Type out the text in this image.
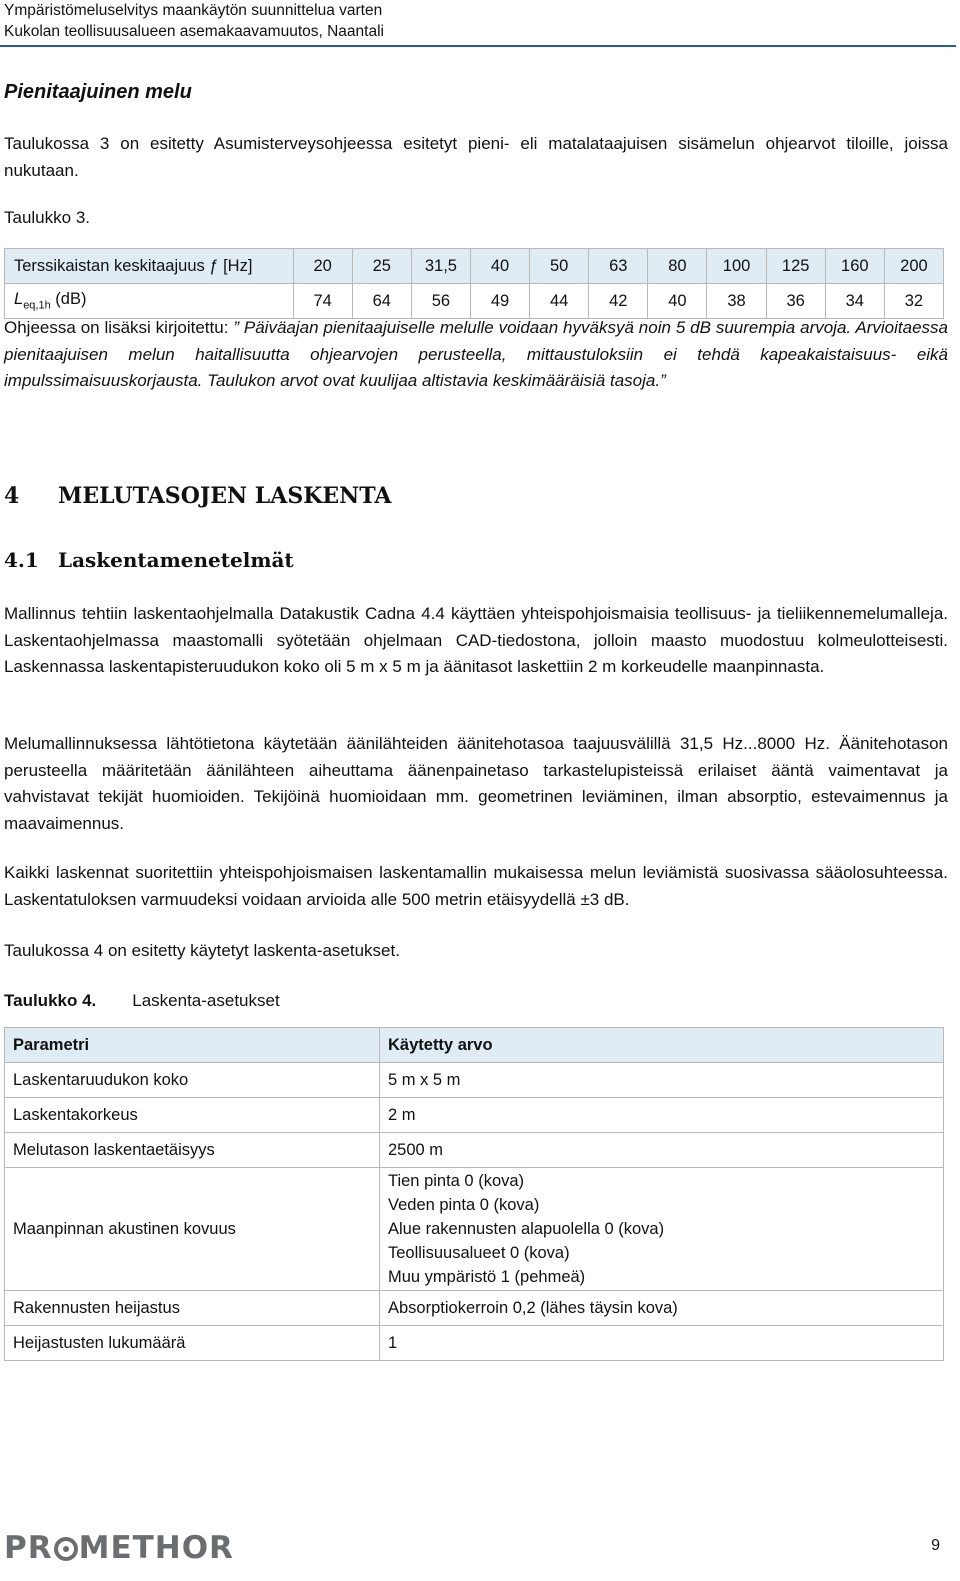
Ympäristömeluselvitys maankäytön suunnittelua varten
Kukolan teollisuusalueen asemakaavamuutos, Naantali
Pienitaajuinen melu
Taulukossa 3 on esitetty Asumisterveysohjeessa esitetyt pieni- eli matalataajuisen sisämelun ohjearvot tiloille, joissa nukutaan.
Taulukko 3.
Terssikaistan keskitaajuus ƒ [Hz]	20	25	31,5	40	50	63	80	100	125	160	200
$L_{eq,1h}$ (dB)	74	64	56	49	44	42	40	38	36	34	32
Ohjeessa on lisäksi kirjoitettu: ” Päiväajan pienitaajuiselle melulle voidaan hyväksyä noin 5 dB suurempia arvoja. Arvioitaessa pienitaajuisen melun haitallisuutta ohjearvojen perusteella, mittaustuloksiin ei tehdä kapeakaistaisuus- eikä impulssimaisuuskorjausta. Taulukon arvot ovat kuulijaa altistavia keskimääräisiä tasoja.”
4 MELUTASOJEN LASKENTA
4.1 Laskentamenetelmät
Mallinnus tehtiin laskentaohjelmalla Datakustik Cadna 4.4 käyttäen yhteispohjoismaisia teollisuus- ja tieliikennemelumalleja. Laskentaohjelmassa maastomalli syötetään ohjelmaan CAD-tiedostona, jolloin maasto muodostuu kolmeulotteisesti. Laskennassa laskentapisteruudukon koko oli 5 m x 5 m ja äänitasot laskettiin 2 m korkeudelle maanpinnasta.
Melumallinnuksessa lähtötietona käytetään äänilähteiden äänitehotasoa taajuusvälillä 31,5 Hz...8000 Hz. Äänitehotason perusteella määritetään äänilähteen aiheuttama äänenpainetaso tarkastelupisteissä erilaiset ääntä vaimentavat ja vahvistavat tekijät huomioiden. Tekijöinä huomioidaan mm. geometrinen leviäminen, ilman absorptio, estevaimennus ja maavaimennus.
Kaikki laskennat suoritettiin yhteispohjoismaisen laskentamallin mukaisessa melun leviämistä suosivassa sääolosuhteessa. Laskentatuloksen varmuudeksi voidaan arvioida alle 500 metrin etäisyydellä ±3 dB.
Taulukossa 4 on esitetty käytetyt laskenta-asetukset.
Taulukko 4. Laskenta-asetukset
Parametri	Käytetty arvo
Laskentaruudukon koko	5 m x 5 m
Laskentakorkeus	2 m
Melutason laskentaetäisyys	2500 m
Maanpinnan akustinen kovuus	Tien pinta 0 (kova)
Veden pinta 0 (kova)
Alue rakennusten alapuolella 0 (kova)
Teollisuusalueet 0 (kova)
Muu ympäristö 1 (pehmeä)

Rakennusten heijastus	Absorptiokerroin 0,2 (lähes täysin kova)
Heijastusten lukumäärä	1
PR METHOR	9
